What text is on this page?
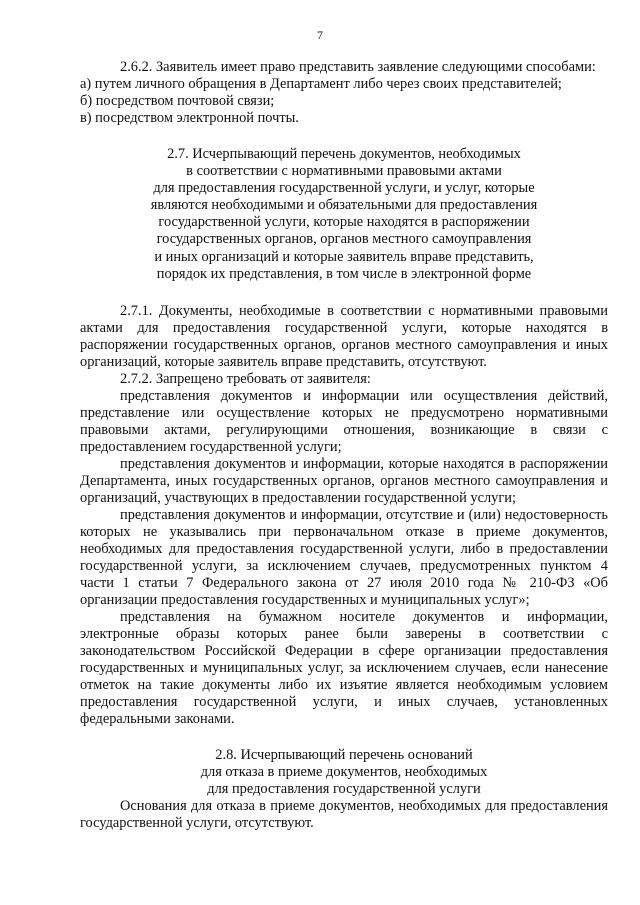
7
2.6.2. Заявитель имеет право представить заявление следующими способами:
а) путем личного обращения в Департамент либо через своих представителей;
б) посредством почтовой связи;
в) посредством электронной почты.
2.7. Исчерпывающий перечень документов, необходимых
в соответствии с нормативными правовыми актами
для предоставления государственной услуги, и услуг, которые
являются необходимыми и обязательными для предоставления
государственной услуги, которые находятся в распоряжении
государственных органов, органов местного самоуправления
и иных организаций и которые заявитель вправе представить,
порядок их представления, в том числе в электронной форме
2.7.1. Документы, необходимые в соответствии с нормативными правовыми
актами для предоставления государственной услуги, которые находятся в
распоряжении государственных органов, органов местного самоуправления и иных
организаций, которые заявитель вправе представить, отсутствуют.
2.7.2. Запрещено требовать от заявителя:
представления документов и информации или осуществления действий,
представление или осуществление которых не предусмотрено нормативными
правовыми актами, регулирующими отношения, возникающие в связи с
предоставлением государственной услуги;
представления документов и информации, которые находятся в распоряжении
Департамента, иных государственных органов, органов местного самоуправления и
организаций, участвующих в предоставлении государственной услуги;
представления документов и информации, отсутствие и (или) недостоверность
которых не указывались при первоначальном отказе в приеме документов,
необходимых для предоставления государственной услуги, либо в предоставлении
государственной услуги, за исключением случаев, предусмотренных пунктом 4
части 1 статьи 7 Федерального закона от 27 июля 2010 года № 210-ФЗ «Об
организации предоставления государственных и муниципальных услуг»;
представления на бумажном носителе документов и информации,
электронные образы которых ранее были заверены в соответствии с
законодательством Российской Федерации в сфере организации предоставления
государственных и муниципальных услуг, за исключением случаев, если нанесение
отметок на такие документы либо их изъятие является необходимым условием
предоставления государственной услуги, и иных случаев, установленных
федеральными законами.
2.8. Исчерпывающий перечень оснований
для отказа в приеме документов, необходимых
для предоставления государственной услуги
Основания для отказа в приеме документов, необходимых для предоставления
государственной услуги, отсутствуют.
